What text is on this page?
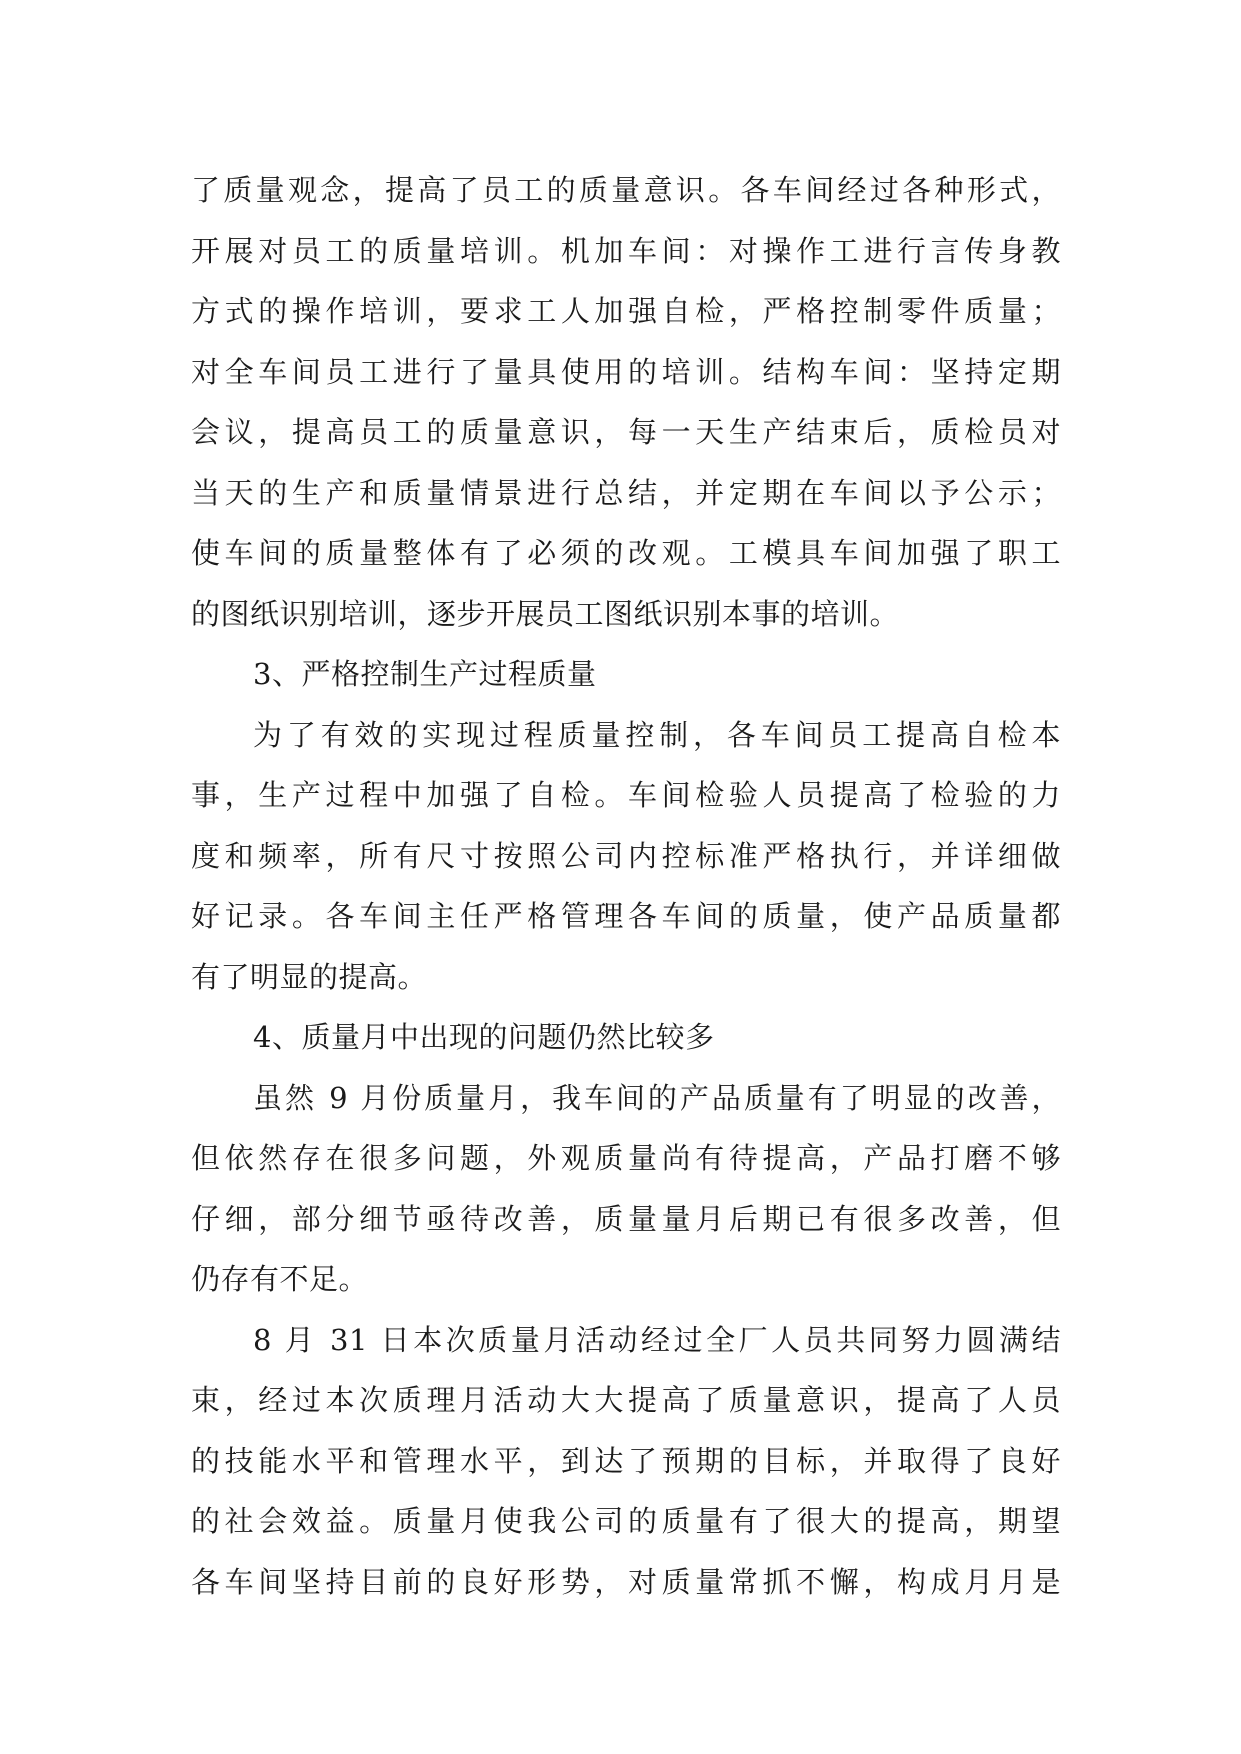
了质量观念，提高了员工的质量意识。各车间经过各种形式，
开展对员工的质量培训。机加车间：对操作工进行言传身教
方式的操作培训，要求工人加强自检，严格控制零件质量；
对全车间员工进行了量具使用的培训。结构车间：坚持定期
会议，提高员工的质量意识，每一天生产结束后，质检员对
当天的生产和质量情景进行总结，并定期在车间以予公示；
使车间的质量整体有了必须的改观。工模具车间加强了职工
的图纸识别培训，逐步开展员工图纸识别本事的培训。
3、严格控制生产过程质量
为了有效的实现过程质量控制，各车间员工提高自检本
事，生产过程中加强了自检。车间检验人员提高了检验的力
度和频率，所有尺寸按照公司内控标准严格执行，并详细做
好记录。各车间主任严格管理各车间的质量，使产品质量都
有了明显的提高。
4、质量月中出现的问题仍然比较多
虽然 9 月份质量月，我车间的产品质量有了明显的改善，
但依然存在很多问题，外观质量尚有待提高，产品打磨不够
仔细，部分细节亟待改善，质量量月后期已有很多改善，但
仍存有不足。
8 月 31 日本次质量月活动经过全厂人员共同努力圆满结
束，经过本次质理月活动大大提高了质量意识，提高了人员
的技能水平和管理水平，到达了预期的目标，并取得了良好
的社会效益。质量月使我公司的质量有了很大的提高，期望
各车间坚持目前的良好形势，对质量常抓不懈，构成月月是
